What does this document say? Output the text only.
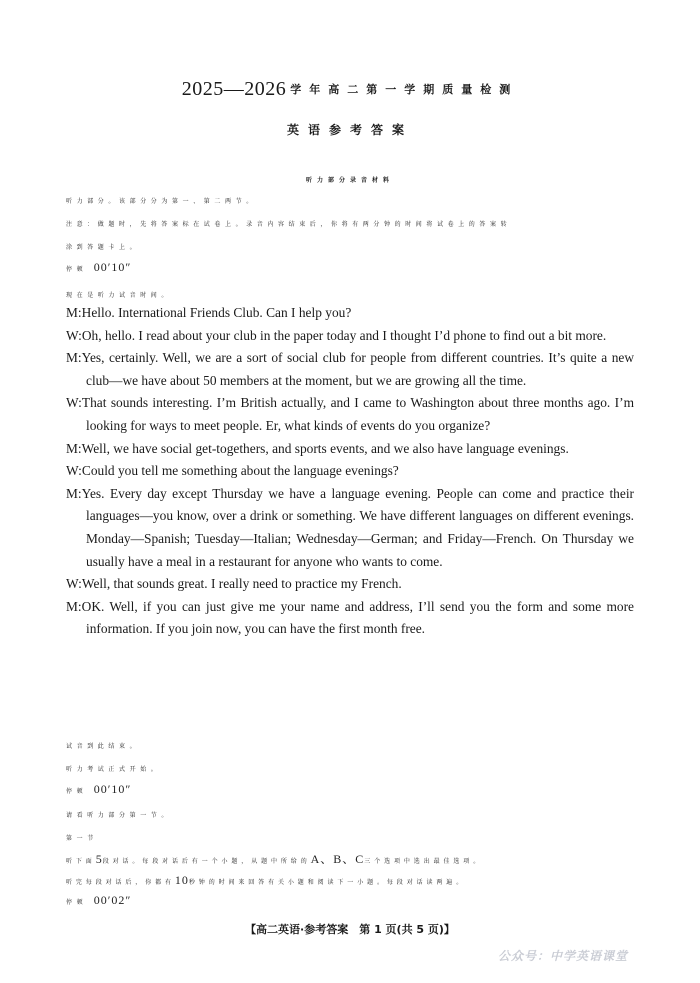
2025—2026 学年高二第一学期质量检测
英语参考答案
听力部分录音材料
听力部分。该部分分为第一、第二两节。
注意：做题时，先将答案标在试卷上。录音内容结束后，你将有两分钟的时间将试卷上的答案转
涂到答题卡上。
停顿 00′10″
现在是听力试音时间。
M:Hello. International Friends Club. Can I help you?
W:Oh, hello. I read about your club in the paper today and I thought I’d phone to find out a bit more.
M:Yes, certainly. Well, we are a sort of social club for people from different countries. It’s quite a new club—we have about 50 members at the moment, but we are growing all the time.
W:That sounds interesting. I’m British actually, and I came to Washington about three months ago. I’m looking for ways to meet people. Er, what kinds of events do you organize?
M:Well, we have social get-togethers, and sports events, and we also have language evenings.
W:Could you tell me something about the language evenings?
M:Yes. Every day except Thursday we have a language evening. People can come and practice their languages—you know, over a drink or something. We have different languages on different evenings. Monday—Spanish; Tuesday—Italian; Wednesday—German; and Friday—French. On Thursday we usually have a meal in a restaurant for anyone who wants to come.
W:Well, that sounds great. I really need to practice my French.
M:OK. Well, if you can just give me your name and address, I’ll send you the form and some more information. If you join now, you can have the first month free.
试音到此结束。
听力考试正式开始。
停顿 00′10″
请看听力部分第一节。
第一节
听下面5段对话。每段对话后有一个小题，从题中所给的A、B、C三个选项中选出最佳选项。
听完每段对话后，你都有10秒钟的时间来回答有关小题和阅读下一小题。每段对话读两遍。
停顿 00′02″
【高二英语·参考答案　第 1 页(共 5 页)】
公众号：中学英语课堂
